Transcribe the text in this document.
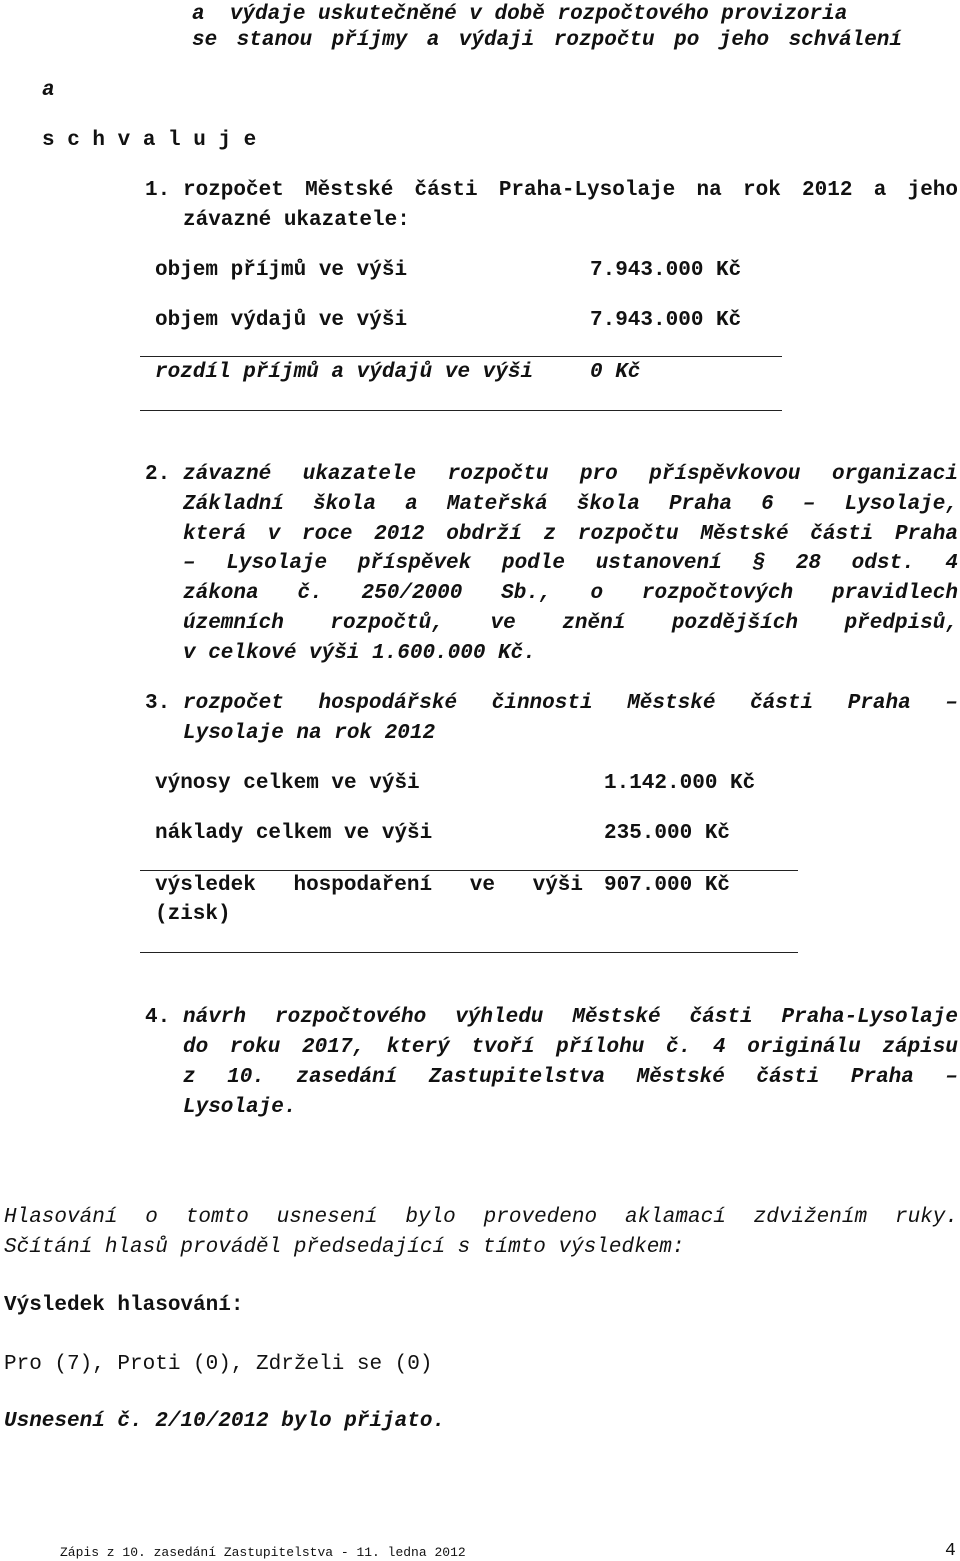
a výdaje uskutečněné v době rozpočtového provizoria
se stanou příjmy a výdaji rozpočtu po jeho schválení
a
s c h v a l u j e
1. rozpočet Městské části Praha-Lysolaje na rok 2012 a jeho
závazné ukazatele:
objem příjmů ve výši	7.943.000 Kč
objem výdajů ve výši	7.943.000 Kč
rozdíl příjmů a výdajů ve výši	0 Kč
2. závazné ukazatele rozpočtu pro příspěvkovou organizaci
Základní škola a Mateřská škola Praha 6 – Lysolaje,
která v roce 2012 obdrží z rozpočtu Městské části Praha
– Lysolaje příspěvek podle ustanovení § 28 odst. 4
zákona č. 250/2000 Sb., o rozpočtových pravidlech
územních rozpočtů, ve znění pozdějších předpisů,
v celkové výši 1.600.000 Kč.
3. rozpočet hospodářské činnosti Městské části Praha –
Lysolaje na rok 2012
výnosy celkem ve výši	1.142.000 Kč
náklady celkem ve výši	235.000 Kč
výsledek hospodaření ve výši 907.000 Kč
(zisk)
4. návrh rozpočtového výhledu Městské části Praha-Lysolaje
do roku 2017, který tvoří přílohu č. 4 originálu zápisu
z 10. zasedání Zastupitelstva Městské části Praha –
Lysolaje.
Hlasování o tomto usnesení bylo provedeno aklamací zdvižením ruky.
Sčítání hlasů prováděl předsedající s tímto výsledkem:
Výsledek hlasování:
Pro (7), Proti (0), Zdrželi se (0)
Usnesení č. 2/10/2012 bylo přijato.
Zápis z 10. zasedání Zastupitelstva - 11. ledna 2012	4
